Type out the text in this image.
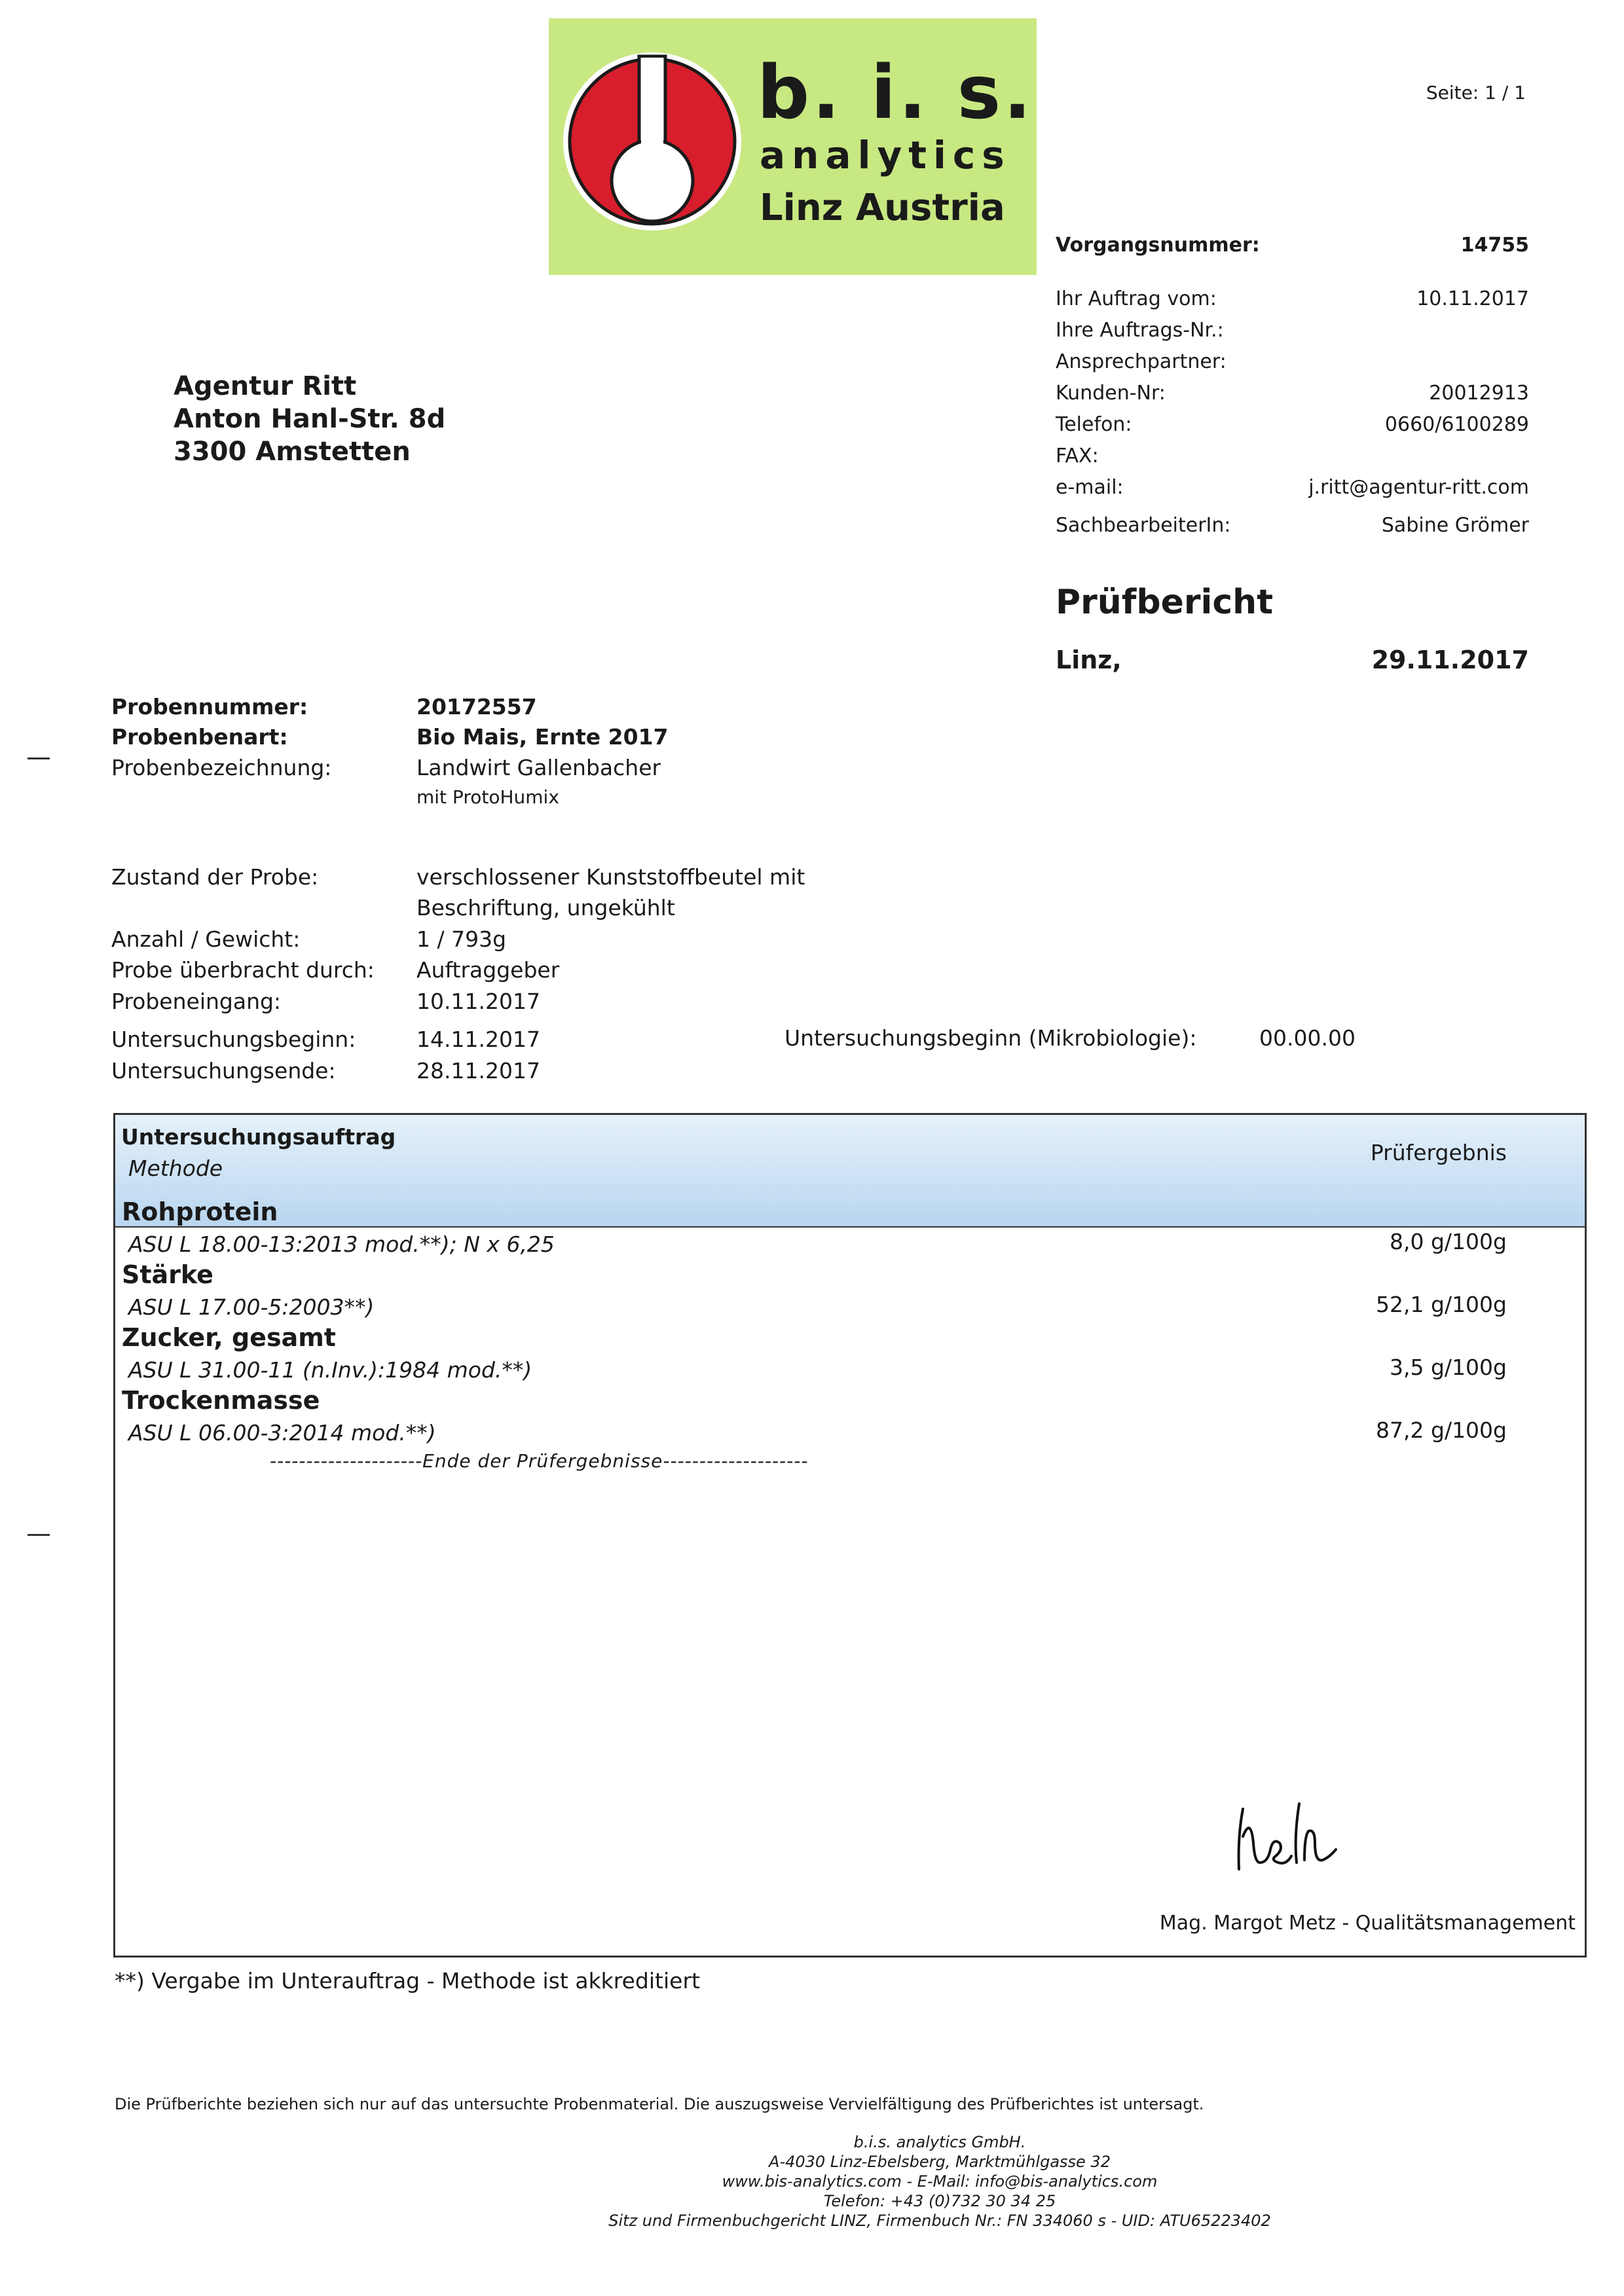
b. i. s.
analytics
Linz Austria
Seite: 1 / 1
Vorgangsnummer:	14755
Ihr Auftrag vom:	10.11.2017
Ihre Auftrags-Nr.:
Ansprechpartner:
Kunden-Nr:	20012913
Telefon:	0660/6100289
FAX:
e-mail:	j.ritt@agentur-ritt.com
SachbearbeiterIn:	Sabine Grömer
Agentur Ritt
Anton Hanl-Str. 8d
3300 Amstetten
Prüfbericht
Linz,	29.11.2017
Probennummer:	20172557
Probenbenart:	Bio Mais, Ernte 2017
Probenbezeichnung:	Landwirt Gallenbacher
mit ProtoHumix
Zustand der Probe:	verschlossener Kunststoffbeutel mit
Beschriftung, ungekühlt
Anzahl / Gewicht:	1 / 793g
Probe überbracht durch: Auftraggeber
Probeneingang:	10.11.2017
Untersuchungsbeginn:	14.11.2017
Untersuchungsende:	28.11.2017
Untersuchungsbeginn (Mikrobiologie):	00.00.00
Untersuchungsauftrag
Methode
Prüfergebnis
Rohprotein
ASU L 18.00-13:2013 mod.**); N x 6,25	8,0 g/100g
Stärke
ASU L 17.00-5:2003**)	52,1 g/100g
Zucker, gesamt
ASU L 31.00-11 (n.Inv.):1984 mod.**)	3,5 g/100g
Trockenmasse
ASU L 06.00-3:2014 mod.**)	87,2 g/100g
---------------------Ende der Prüfergebnisse--------------------
Mag. Margot Metz - Qualitätsmanagement
**) Vergabe im Unterauftrag - Methode ist akkreditiert
Die Prüfberichte beziehen sich nur auf das untersuchte Probenmaterial. Die auszugsweise Vervielfältigung des Prüfberichtes ist untersagt.
b.i.s. analytics GmbH.
A-4030 Linz-Ebelsberg, Marktmühlgasse 32
www.bis-analytics.com - E-Mail: info@bis-analytics.com
Telefon: +43 (0)732 30 34 25
Sitz und Firmenbuchgericht LINZ, Firmenbuch Nr.: FN 334060 s - UID: ATU65223402
